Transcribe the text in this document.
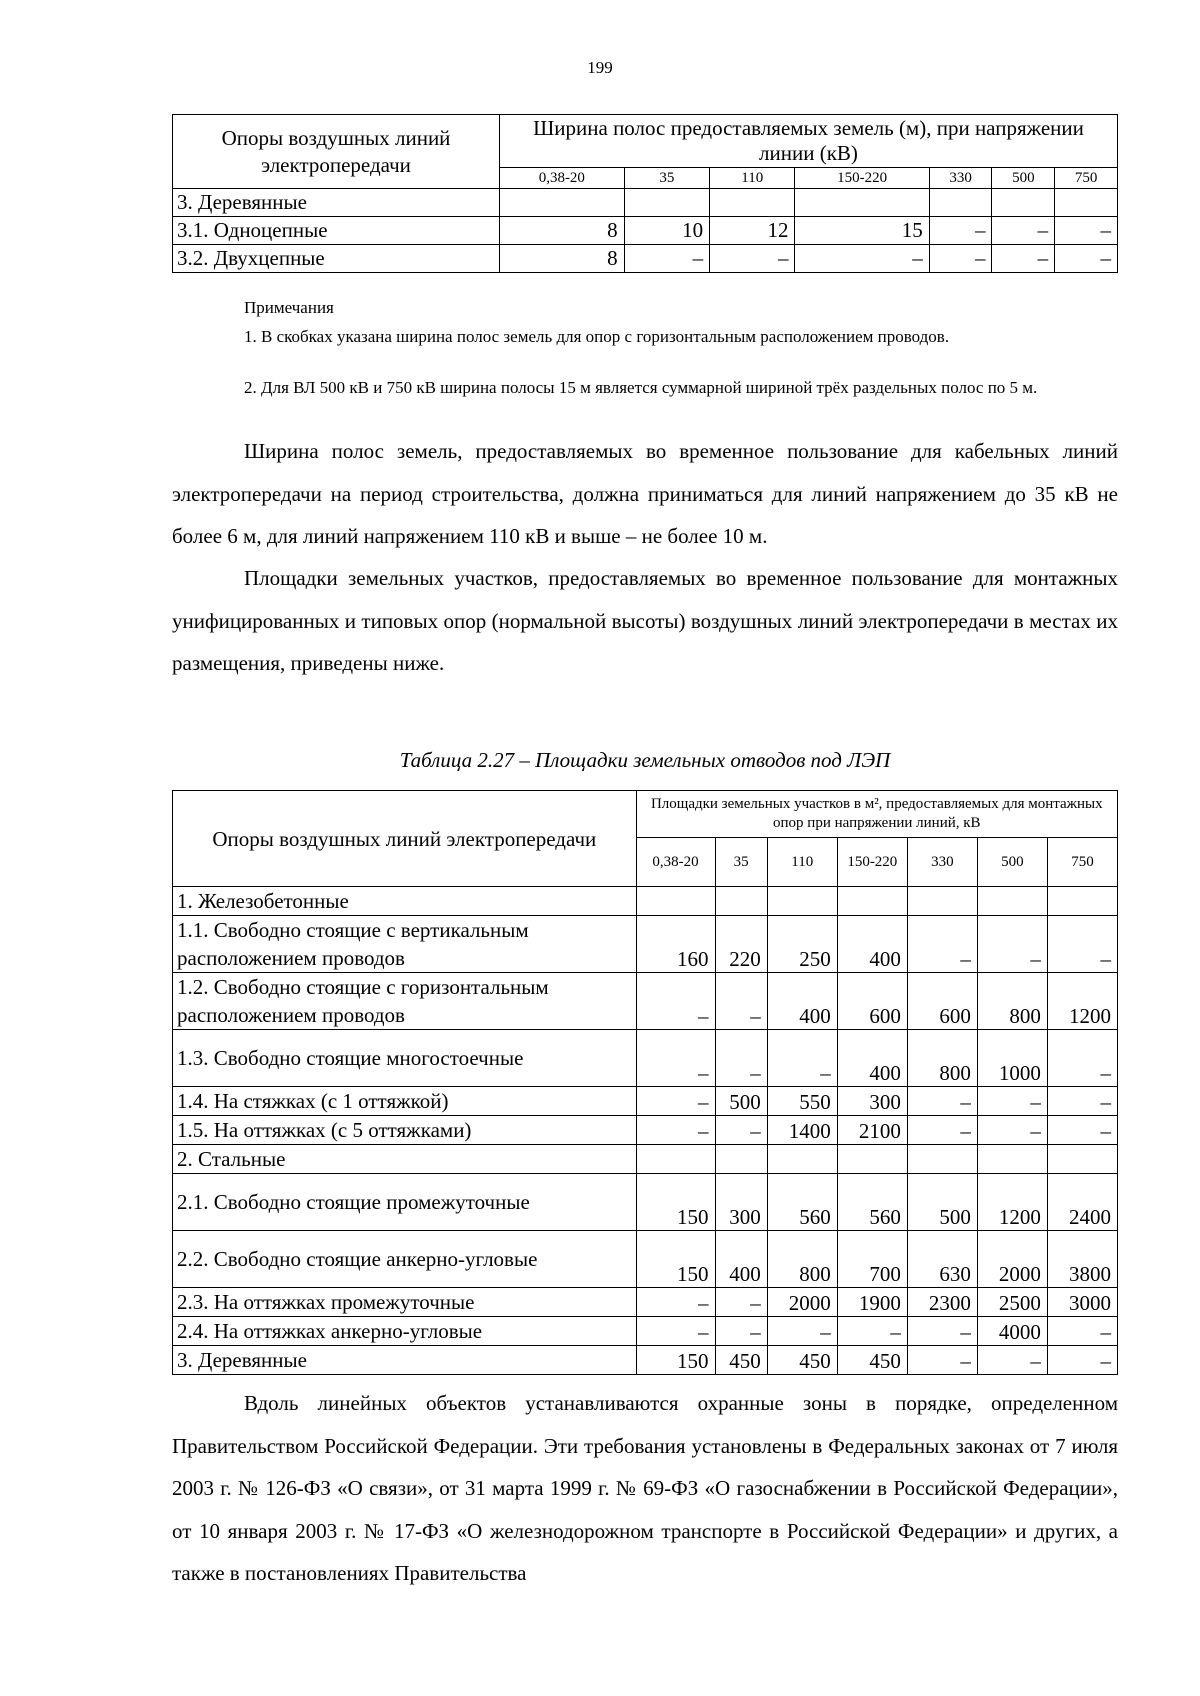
199
Опоры воздушных линий электропередачи	Ширина полос предоставляемых земель (м), при напряжении линии (кВ)						
	0,38-20	35	110	150-220	330	500	750
3. Деревянные							
3.1. Одноцепные	8	10	12	15	–	–	–
3.2. Двухцепные	8	–	–	–	–	–	–
Примечания
1. В скобках указана ширина полос земель для опор с горизонтальным расположением проводов.
2. Для ВЛ 500 кВ и 750 кВ ширина полосы 15 м является суммарной шириной трёх раздельных полос по 5 м.

Ширина полос земель, предоставляемых во временное пользование для кабельных линий электропередачи на период строительства, должна приниматься для линий напряжением до 35 кВ не более 6 м, для линий напряжением 110 кВ и выше – не более 10 м.

Площадки земельных участков, предоставляемых во временное пользование для монтажных унифицированных и типовых опор (нормальной высоты) воздушных линий электропередачи в местах их размещения, приведены ниже.

Таблица 2.27 – Площадки земельных отводов под ЛЭП
Опоры воздушных линий электропередачи	Площадки земельных участков в м², предоставляемых для монтажных опор при напряжении линий, кВ						
	0,38-20	35	110	150-220	330	500	750
1. Железобетонные							
1.1. Свободно стоящие с вертикальным расположением проводов	160	220	250	400	–	–	–
1.2. Свободно стоящие с горизонтальным расположением проводов	–	–	400	600	600	800	1200
1.3. Свободно стоящие многостоечные	–	–	–	400	800	1000	–
1.4. На стяжках (с 1 оттяжкой)	–	500	550	300	–	–	–
1.5. На оттяжках (с 5 оттяжками)	–	–	1400	2100	–	–	–
2. Стальные							
2.1. Свободно стоящие промежуточные	150	300	560	560	500	1200	2400
2.2. Свободно стоящие анкерно-угловые	150	400	800	700	630	2000	3800
2.3. На оттяжках промежуточные	–	–	2000	1900	2300	2500	3000
2.4. На оттяжках анкерно-угловые	–	–	–	–	–	4000	–
3. Деревянные	150	450	450	450	–	–	–

Вдоль линейных объектов устанавливаются охранные зоны в порядке, определенном Правительством Российской Федерации. Эти требования установлены в Федеральных законах от 7 июля 2003 г. № 126-ФЗ «О связи», от 31 марта 1999 г. № 69-ФЗ «О газоснабжении в Российской Федерации», от 10 января 2003 г. № 17-ФЗ «О железнодорожном транспорте в Российской Федерации» и других, а также в постановлениях Правительства
